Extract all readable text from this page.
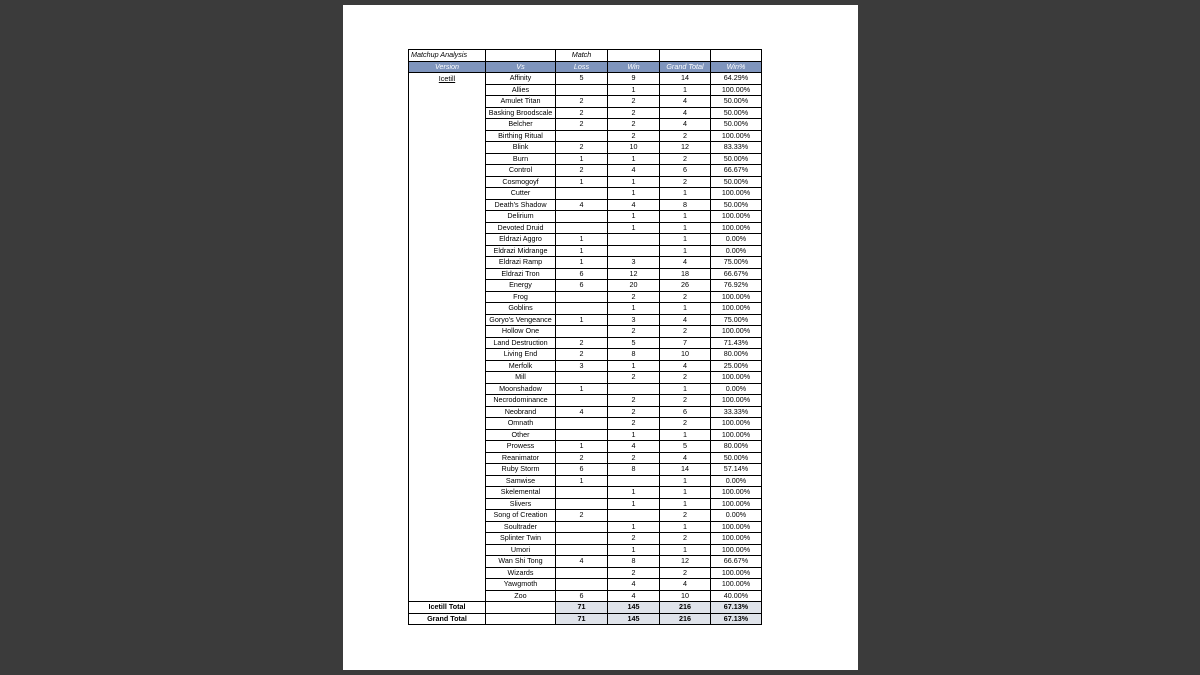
Matchup Analysis		Match			
Version	Vs	Loss	Win	Grand Total	Win%
Icetill	Affinity	5	9	14	64.29%
	Allies		1	1	100.00%
	Amulet Titan	2	2	4	50.00%
	Basking Broodscale	2	2	4	50.00%
	Belcher	2	2	4	50.00%
	Birthing Ritual		2	2	100.00%
	Blink	2	10	12	83.33%
	Burn	1	1	2	50.00%
	Control	2	4	6	66.67%
	Cosmogoyf	1	1	2	50.00%
	Cutter		1	1	100.00%
	Death's Shadow	4	4	8	50.00%
	Delirium		1	1	100.00%
	Devoted Druid		1	1	100.00%
	Eldrazi Aggro	1		1	0.00%
	Eldrazi Midrange	1		1	0.00%
	Eldrazi Ramp	1	3	4	75.00%
	Eldrazi Tron	6	12	18	66.67%
	Energy	6	20	26	76.92%
	Frog		2	2	100.00%
	Goblins		1	1	100.00%
	Goryo's Vengeance	1	3	4	75.00%
	Hollow One		2	2	100.00%
	Land Destruction	2	5	7	71.43%
	Living End	2	8	10	80.00%
	Merfolk	3	1	4	25.00%
	Mill		2	2	100.00%
	Moonshadow	1		1	0.00%
	Necrodominance		2	2	100.00%
	Neobrand	4	2	6	33.33%
	Omnath		2	2	100.00%
	Other		1	1	100.00%
	Prowess	1	4	5	80.00%
	Reanimator	2	2	4	50.00%
	Ruby Storm	6	8	14	57.14%
	Samwise	1		1	0.00%
	Skelemental		1	1	100.00%
	Slivers		1	1	100.00%
	Song of Creation	2		2	0.00%
	Soultrader		1	1	100.00%
	Splinter Twin		2	2	100.00%
	Umori		1	1	100.00%
	Wan Shi Tong	4	8	12	66.67%
	Wizards		2	2	100.00%
	Yawgmoth		4	4	100.00%
	Zoo	6	4	10	40.00%
Icetill Total		71	145	216	67.13%
Grand Total		71	145	216	67.13%
